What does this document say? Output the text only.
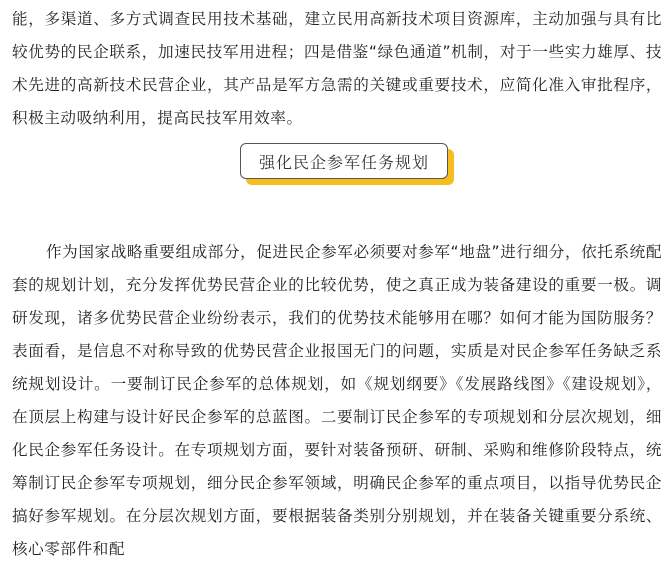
能，多渠道、多方式调查民用技术基础，建立民用高新技术项目资源库，主动加强与具有比较优势的民企联系，加速民技军用进程；四是借鉴“绿色通道”机制，对于一些实力雄厚、技术先进的高新技术民营企业，其产品是军方急需的关键或重要技术，应简化准入审批程序，积极主动吸纳利用，提高民技军用效率。

强化民企参军任务规划

作为国家战略重要组成部分，促进民企参军必须要对参军“地盘”进行细分，依托系统配套的规划计划，充分发挥优势民营企业的比较优势，使之真正成为装备建设的重要一极。调研发现，诸多优势民营企业纷纷表示，我们的优势技术能够用在哪？如何才能为国防服务？表面看，是信息不对称导致的优势民营企业报国无门的问题，实质是对民企参军任务缺乏系统规划设计。一要制订民企参军的总体规划，如《规划纲要》《发展路线图》《建设规划》，在顶层上构建与设计好民企参军的总蓝图。二要制订民企参军的专项规划和分层次规划，细化民企参军任务设计。在专项规划方面，要针对装备预研、研制、采购和维修阶段特点，统筹制订民企参军专项规划，细分民企参军领域，明确民企参军的重点项目，以指导优势民企搞好参军规划。在分层次规划方面，要根据装备类别分别规划，并在装备关键重要分系统、核心零部件和配
